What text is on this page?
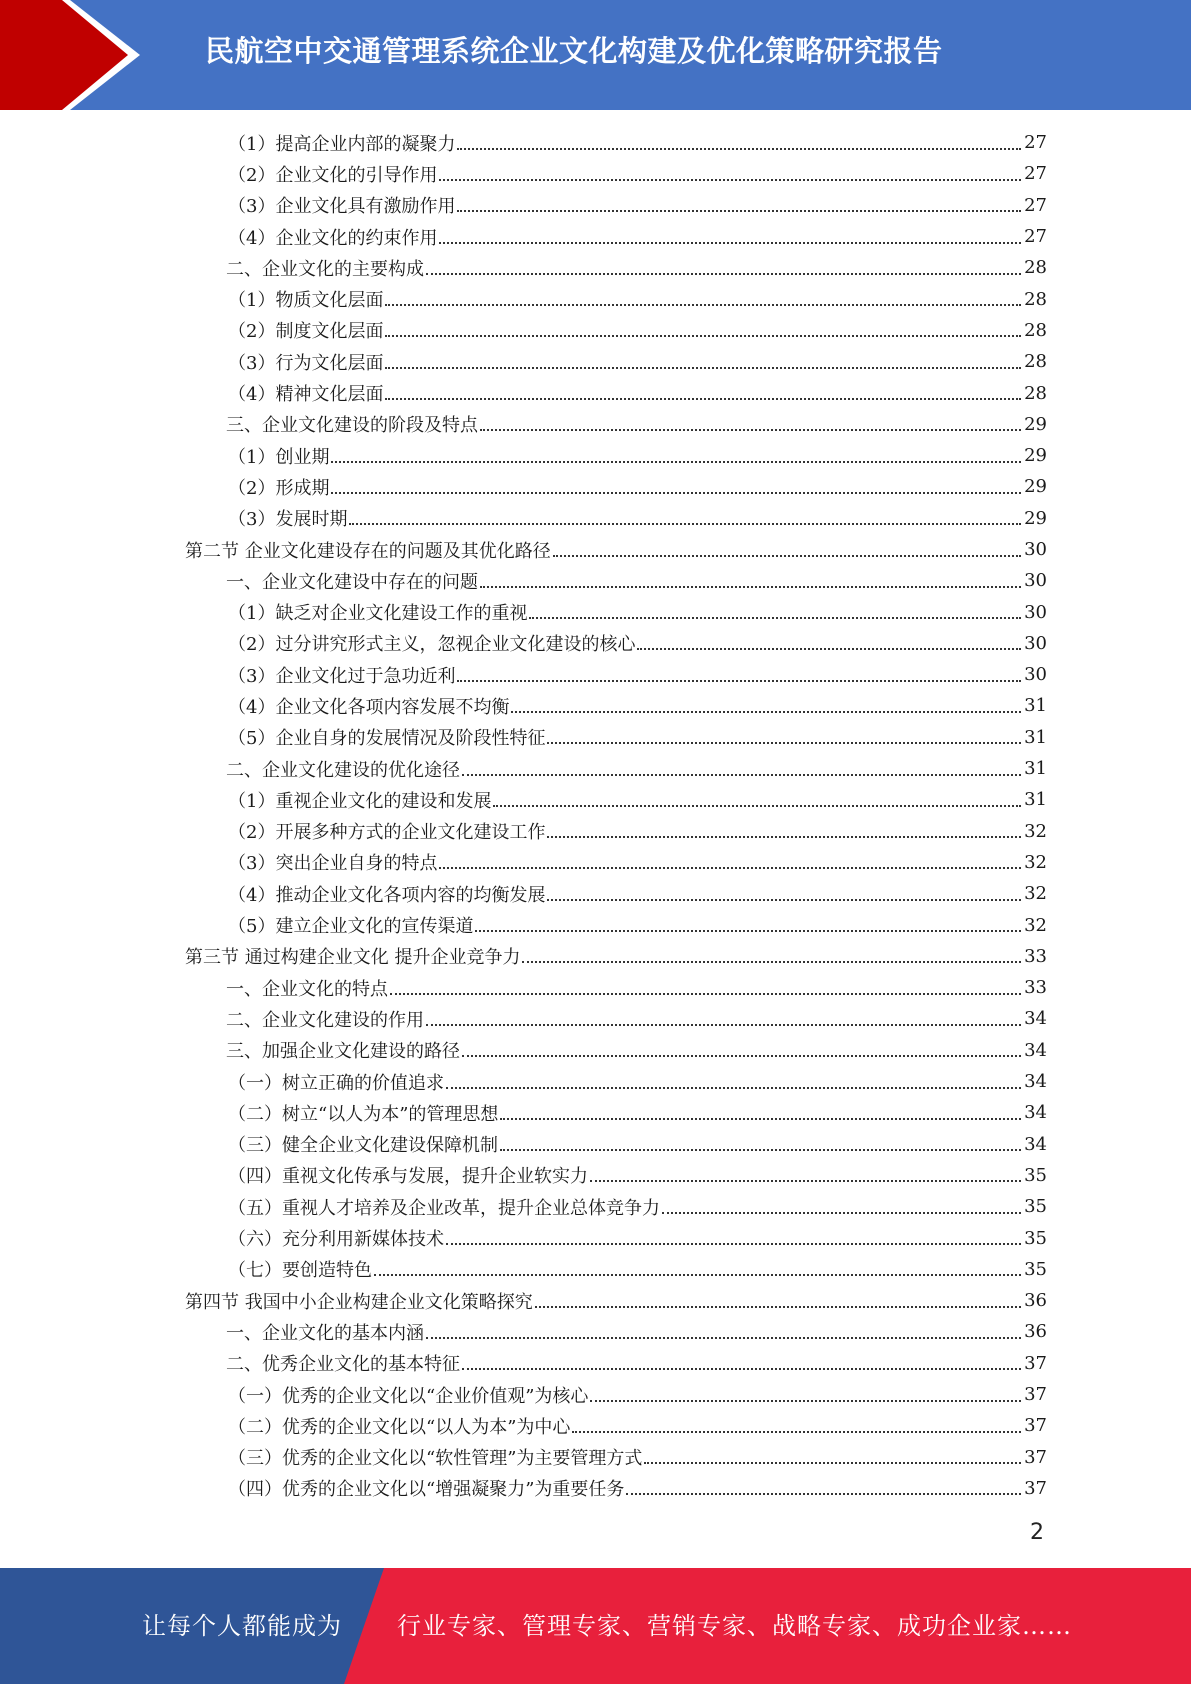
民航空中交通管理系统企业文化构建及优化策略研究报告
（1）提高企业内部的凝聚力	27
（2）企业文化的引导作用	27
（3）企业文化具有激励作用	27
（4）企业文化的约束作用	27
二、企业文化的主要构成	28
（1）物质文化层面	28
（2）制度文化层面	28
（3）行为文化层面	28
（4）精神文化层面	28
三、企业文化建设的阶段及特点	29
（1）创业期	29
（2）形成期	29
（3）发展时期	29
第二节 企业文化建设存在的问题及其优化路径	30
一、企业文化建设中存在的问题	30
（1）缺乏对企业文化建设工作的重视	30
（2）过分讲究形式主义，忽视企业文化建设的核心	30
（3）企业文化过于急功近利	30
（4）企业文化各项内容发展不均衡	31
（5）企业自身的发展情况及阶段性特征	31
二、企业文化建设的优化途径	31
（1）重视企业文化的建设和发展	31
（2）开展多种方式的企业文化建设工作	32
（3）突出企业自身的特点	32
（4）推动企业文化各项内容的均衡发展	32
（5）建立企业文化的宣传渠道	32
第三节 通过构建企业文化 提升企业竞争力	33
一、企业文化的特点	33
二、企业文化建设的作用	34
三、加强企业文化建设的路径	34
（一）树立正确的价值追求	34
（二）树立“以人为本”的管理思想	34
（三）健全企业文化建设保障机制	34
（四）重视文化传承与发展，提升企业软实力	35
（五）重视人才培养及企业改革，提升企业总体竞争力	35
（六）充分利用新媒体技术	35
（七）要创造特色	35
第四节 我国中小企业构建企业文化策略探究	36
一、企业文化的基本内涵	36
二、优秀企业文化的基本特征	37
（一）优秀的企业文化以“企业价值观”为核心	37
（二）优秀的企业文化以“以人为本”为中心	37
（三）优秀的企业文化以“软性管理”为主要管理方式	37
（四）优秀的企业文化以“增强凝聚力”为重要任务	37
2
让每个人都能成为 行业专家、管理专家、营销专家、战略专家、成功企业家……
